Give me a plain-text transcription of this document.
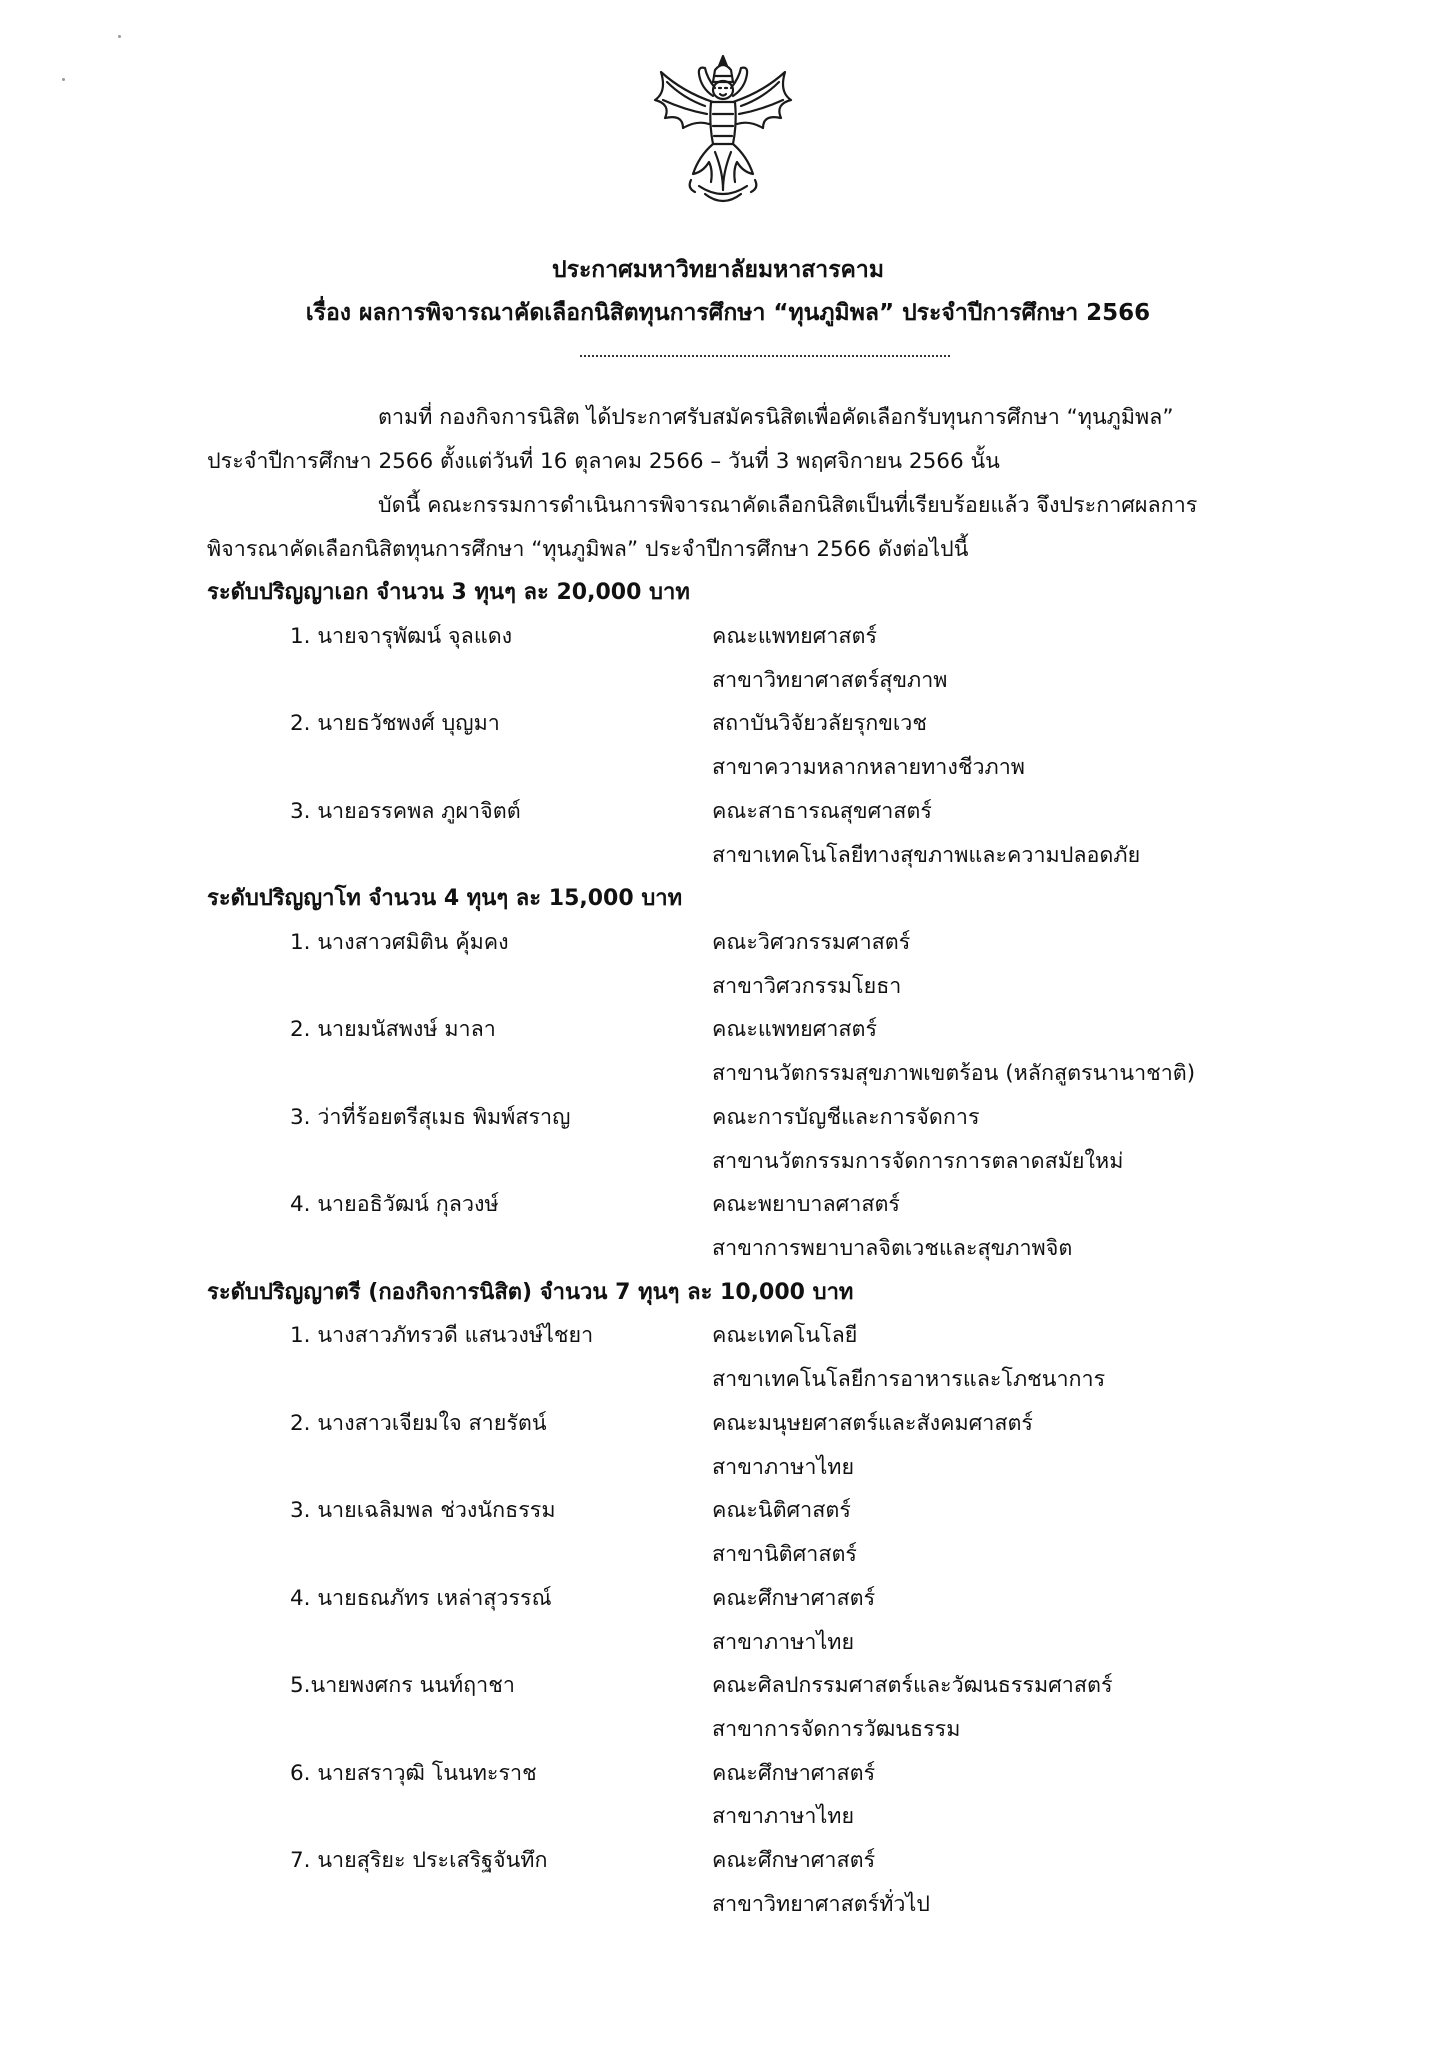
ประกาศมหาวิทยาลัยมหาสารคาม
เรื่อง ผลการพิจารณาคัดเลือกนิสิตทุนการศึกษา “ทุนภูมิพล” ประจำปีการศึกษา 2566
ตามที่ กองกิจการนิสิต ได้ประกาศรับสมัครนิสิตเพื่อคัดเลือกรับทุนการศึกษา “ทุนภูมิพล”
ประจำปีการศึกษา 2566 ตั้งแต่วันที่ 16 ตุลาคม 2566 – วันที่ 3 พฤศจิกายน 2566 นั้น
บัดนี้ คณะกรรมการดำเนินการพิจารณาคัดเลือกนิสิตเป็นที่เรียบร้อยแล้ว จึงประกาศผลการ
พิจารณาคัดเลือกนิสิตทุนการศึกษา “ทุนภูมิพล” ประจำปีการศึกษา 2566 ดังต่อไปนี้
ระดับปริญญาเอก จำนวน 3 ทุนๆ ละ 20,000 บาท
1. นายจารุพัฒน์ จุลแดง	คณะแพทยศาสตร์
สาขาวิทยาศาสตร์สุขภาพ
2. นายธวัชพงศ์ บุญมา	สถาบันวิจัยวลัยรุกขเวช
สาขาความหลากหลายทางชีวภาพ
3. นายอรรคพล ภูผาจิตต์	คณะสาธารณสุขศาสตร์
สาขาเทคโนโลยีทางสุขภาพและความปลอดภัย
ระดับปริญญาโท จำนวน 4 ทุนๆ ละ 15,000 บาท
1. นางสาวศมิติน คุ้มคง	คณะวิศวกรรมศาสตร์
สาขาวิศวกรรมโยธา
2. นายมนัสพงษ์ มาลา	คณะแพทยศาสตร์
สาขานวัตกรรมสุขภาพเขตร้อน (หลักสูตรนานาชาติ)
3. ว่าที่ร้อยตรีสุเมธ พิมพ์สราญ	คณะการบัญชีและการจัดการ
สาขานวัตกรรมการจัดการการตลาดสมัยใหม่
4. นายอธิวัฒน์ กุลวงษ์	คณะพยาบาลศาสตร์
สาขาการพยาบาลจิตเวชและสุขภาพจิต
ระดับปริญญาตรี (กองกิจการนิสิต) จำนวน 7 ทุนๆ ละ 10,000 บาท
1. นางสาวภัทรวดี แสนวงษ์ไชยา	คณะเทคโนโลยี
สาขาเทคโนโลยีการอาหารและโภชนาการ
2. นางสาวเจียมใจ สายรัตน์	คณะมนุษยศาสตร์และสังคมศาสตร์
สาขาภาษาไทย
3. นายเฉลิมพล ช่วงนักธรรม	คณะนิติศาสตร์
สาขานิติศาสตร์
4. นายธณภัทร เหล่าสุวรรณ์	คณะศึกษาศาสตร์
สาขาภาษาไทย
5.นายพงศกร นนท์ฤาชา	คณะศิลปกรรมศาสตร์และวัฒนธรรมศาสตร์
สาขาการจัดการวัฒนธรรม
6. นายสราวุฒิ โนนทะราช	คณะศึกษาศาสตร์
สาขาภาษาไทย
7. นายสุริยะ ประเสริฐจันทึก	คณะศึกษาศาสตร์
สาขาวิทยาศาสตร์ทั่วไป
